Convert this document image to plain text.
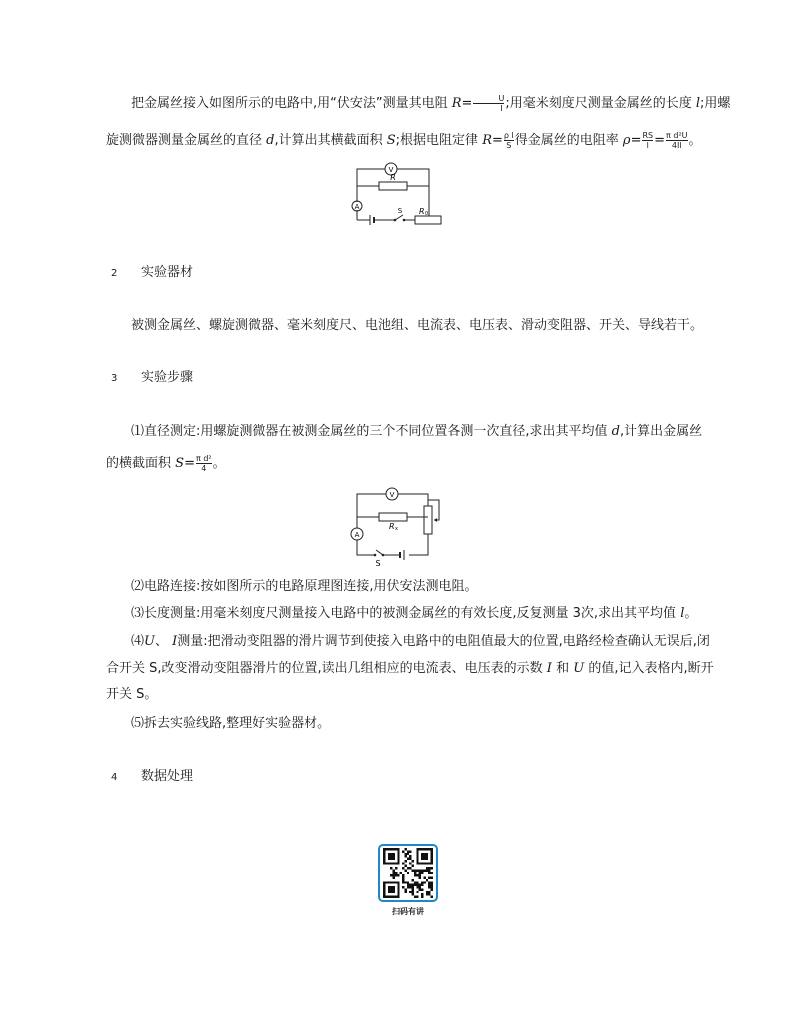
把金属丝接入如图所示的电路中,用“伏安法”测量其电阻 $R= \frac{U}{I}$ ;用毫米刻度尺测量金属丝的长度 l;用螺
旋测微器测量金属丝的直径 d,计算出其横截面积 S;根据电阻定律 $R= \frac{\text{ρ l}}{S}$ 得金属丝的电阻率 $\rho= \frac{RS}{l} = \frac{\text{π d²U}}{4Il}$ 。
V
A
R
S R 0
2 实验器材
被测金属丝、螺旋测微器、毫米刻度尺、电池组、电流表、电压表、滑动变阻器、开关、导线若干。
3 实验步骤
⑴直径测定:用螺旋测微器在被测金属丝的三个不同位置各测一次直径,求出其平均值 d,计算出金属丝
的横截面积 $S= \frac{\text{π d²}}{4}$ 。
V
A
R x
S
⑵电路连接:按如图所示的电路原理图连接,用伏安法测电阻。
⑶长度测量:用毫米刻度尺测量接入电路中的被测金属丝的有效长度,反复测量 3次,求出其平均值 l。
⑷U、 I测量:把滑动变阻器的滑片调节到使接入电路中的电阻值最大的位置,电路经检查确认无误后,闭
合开关 S,改变滑动变阻器滑片的位置,读出几组相应的电流表、电压表的示数 I 和 U 的值,记入表格内,断开
开关 S。
⑸拆去实验线路,整理好实验器材。
4 数据处理
扫码有讲
